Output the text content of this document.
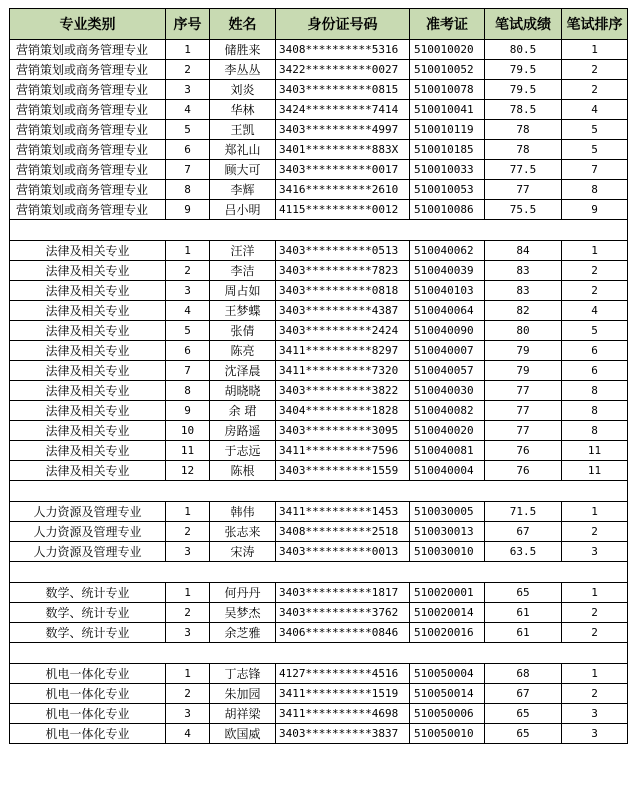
专业类别	序号	姓名	身份证号码	准考证	笔试成绩	笔试排序
营销策划或商务管理专业	1	储胜来	3408**********5316	510010020	80.5	1
营销策划或商务管理专业	2	李丛丛	3422**********0027	510010052	79.5	2
营销策划或商务管理专业	3	刘炎	3403**********0815	510010078	79.5	2
营销策划或商务管理专业	4	华林	3424**********7414	510010041	78.5	4
营销策划或商务管理专业	5	王凯	3403**********4997	510010119	78	5
营销策划或商务管理专业	6	郑礼山	3401**********883X	510010185	78	5
营销策划或商务管理专业	7	顾大可	3403**********0017	510010033	77.5	7
营销策划或商务管理专业	8	李辉	3416**********2610	510010053	77	8
营销策划或商务管理专业	9	吕小明	4115**********0012	510010086	75.5	9

法律及相关专业	1	汪洋	3403**********0513	510040062	84	1
法律及相关专业	2	李洁	3403**********7823	510040039	83	2
法律及相关专业	3	周占如	3403**********0818	510040103	83	2
法律及相关专业	4	王梦蝶	3403**********4387	510040064	82	4
法律及相关专业	5	张倩	3403**********2424	510040090	80	5
法律及相关专业	6	陈亮	3411**********8297	510040007	79	6
法律及相关专业	7	沈泽晨	3411**********7320	510040057	79	6
法律及相关专业	8	胡晓晓	3403**********3822	510040030	77	8
法律及相关专业	9	余 珺	3404**********1828	510040082	77	8
法律及相关专业	10	房路遥	3403**********3095	510040020	77	8
法律及相关专业	11	于志远	3411**********7596	510040081	76	11
法律及相关专业	12	陈根	3403**********1559	510040004	76	11

人力资源及管理专业	1	韩伟	3411**********1453	510030005	71.5	1
人力资源及管理专业	2	张志来	3408**********2518	510030013	67	2
人力资源及管理专业	3	宋涛	3403**********0013	510030010	63.5	3

数学、统计专业	1	何丹丹	3403**********1817	510020001	65	1
数学、统计专业	2	吴梦杰	3403**********3762	510020014	61	2
数学、统计专业	3	余芝雅	3406**********0846	510020016	61	2

机电一体化专业	1	丁志锋	4127**********4516	510050004	68	1
机电一体化专业	2	朱加园	3411**********1519	510050014	67	2
机电一体化专业	3	胡祥梁	3411**********4698	510050006	65	3
机电一体化专业	4	欧国威	3403**********3837	510050010	65	3
